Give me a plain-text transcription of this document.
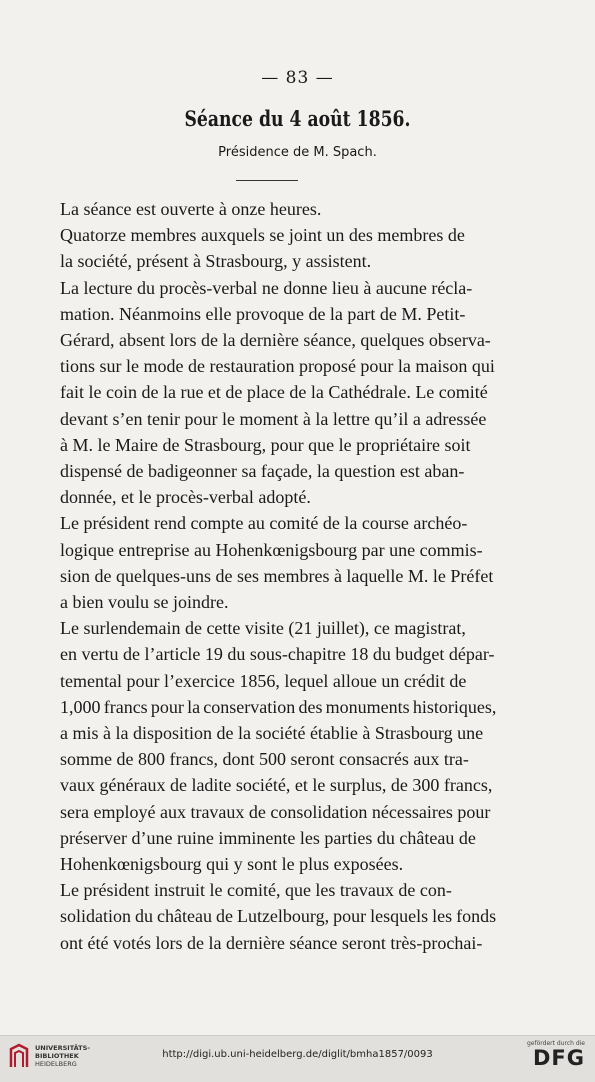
— 83 —
Séance du 4 août 1856.
Présidence de M. Spach.
La séance est ouverte à onze heures.
Quatorze membres auxquels se joint un des membres de
la société, présent à Strasbourg, y assistent.
La lecture du procès-verbal ne donne lieu à aucune récla-
mation. Néanmoins elle provoque de la part de M. Petit-
Gérard, absent lors de la dernière séance, quelques observa-
tions sur le mode de restauration proposé pour la maison qui
fait le coin de la rue et de place de la Cathédrale. Le comité
devant s’en tenir pour le moment à la lettre qu’il a adressée
à M. le Maire de Strasbourg, pour que le propriétaire soit
dispensé de badigeonner sa façade, la question est aban-
donnée, et le procès-verbal adopté.
Le président rend compte au comité de la course archéo-
logique entreprise au Hohenkœnigsbourg par une commis-
sion de quelques-uns de ses membres à laquelle M. le Préfet
a bien voulu se joindre.
Le surlendemain de cette visite (21 juillet), ce magistrat,
en vertu de l’article 19 du sous-chapitre 18 du budget dépar-
temental pour l’exercice 1856, lequel alloue un crédit de
1,000 francs pour la conservation des monuments historiques,
a mis à la disposition de la société établie à Strasbourg une
somme de 800 francs, dont 500 seront consacrés aux tra-
vaux généraux de ladite société, et le surplus, de 300 francs,
sera employé aux travaux de consolidation nécessaires pour
préserver d’une ruine imminente les parties du château de
Hohenkœnigsbourg qui y sont le plus exposées.
Le président instruit le comité, que les travaux de con-
solidation du château de Lutzelbourg, pour lesquels les fonds
ont été votés lors de la dernière séance seront très-prochai-
UNIVERSITÄTS-
BIBLIOTHEK
HEIDELBERG
http://digi.ub.uni-heidelberg.de/diglit/bmha1857/0093
gefördert durch die
DFG
